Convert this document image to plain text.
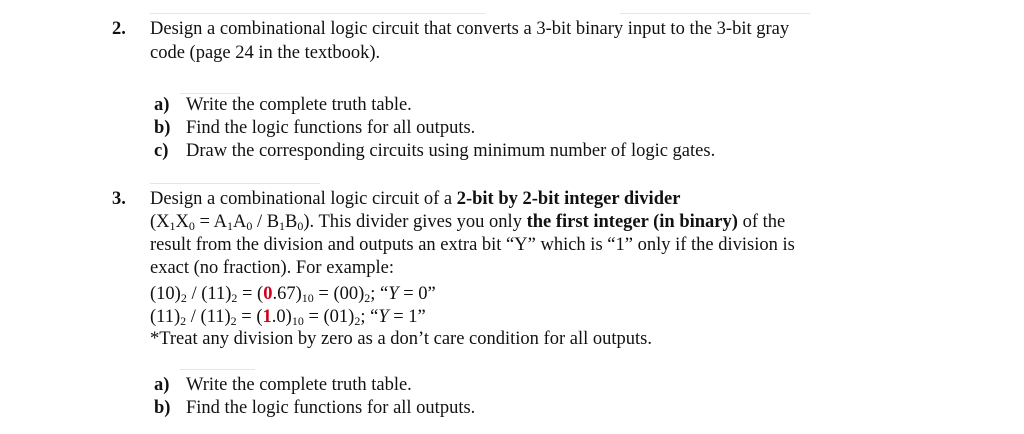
2. Design a combinational logic circuit that converts a 3-bit binary input to the 3-bit gray
code (page 24 in the textbook).
a) Write the complete truth table.
b) Find the logic functions for all outputs.
c) Draw the corresponding circuits using minimum number of logic gates.
3. Design a combinational logic circuit of a 2-bit by 2-bit integer divider
$(X_1X_0 = A_1A_0 / B_1B_0)$. This divider gives you only the first integer (in binary) of the
result from the division and outputs an extra bit “Y” which is “1” only if the division is
exact (no fraction). For example:
$(10)_2 / (11)_2 = (0.67)_{10} = (00)_2$; “Y = 0”
$(11)_2 / (11)_2 = (1.0)_{10} = (01)_2$; “Y = 1”
*Treat any division by zero as a don’t care condition for all outputs.
a) Write the complete truth table.
b) Find the logic functions for all outputs.
